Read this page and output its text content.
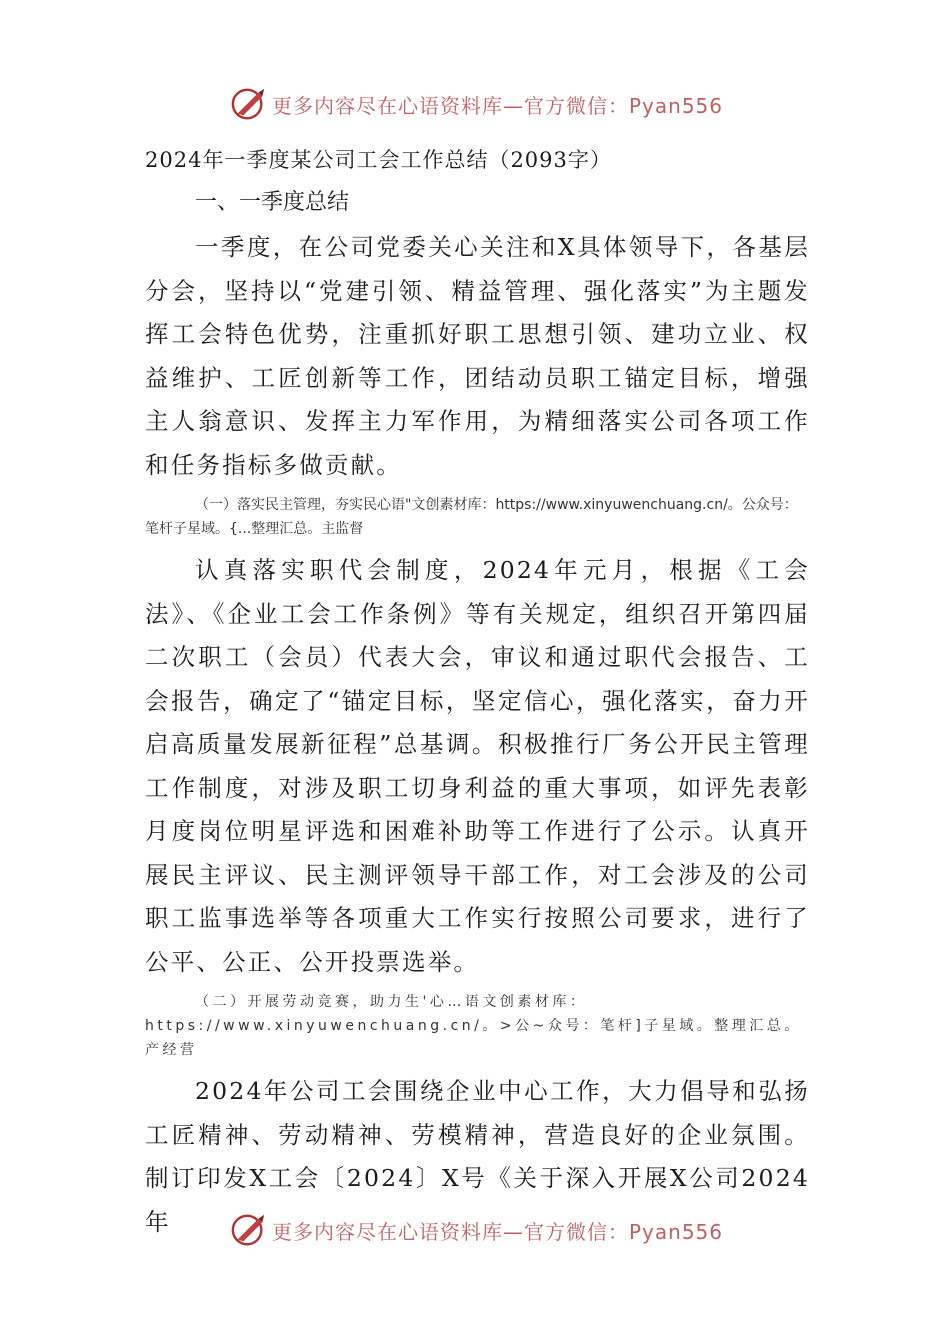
更多内容尽在心语资料库—官方微信：Pyan556

2024年一季度某公司工会工作总结（2093字）

一、一季度总结

一季度，在公司党委关心关注和X具体领导下，各基层分会，坚持以“党建引领、精益管理、强化落实”为主题发挥工会特色优势，注重抓好职工思想引领、建功立业、权益维护、工匠创新等工作，团结动员职工锚定目标，增强主人翁意识、发挥主力军作用，为精细落实公司各项工作和任务指标多做贡献。

（一）落实民主管理，夯实民心语"文创素材库：https://www.xinyuwenchuang.cn/。公众号：笔杆子星域。{...整理汇总。主监督

认真落实职代会制度，2024年元月，根据《工会法》、《企业工会工作条例》等有关规定，组织召开第四届二次职工（会员）代表大会，审议和通过职代会报告、工会报告，确定了“锚定目标，坚定信心，强化落实，奋力开启高质量发展新征程”总基调。积极推行厂务公开民主管理工作制度，对涉及职工切身利益的重大事项，如评先表彰月度岗位明星评选和困难补助等工作进行了公示。认真开展民主评议、民主测评领导干部工作，对工会涉及的公司职工监事选举等各项重大工作实行按照公司要求，进行了公平、公正、公开投票选举。

（二）开展劳动竞赛，助力生'心…语文创素材库：https://www.xinyuwenchuang.cn/。>公~众号：笔杆]子星域。整理汇总。产经营

2024年公司工会围绕企业中心工作，大力倡导和弘扬工匠精神、劳动精神、劳模精神，营造良好的企业氛围。制订印发X工会〔2024〕X号《关于深入开展X公司2024年	更多内容尽在心语资料库—官方微信：Pyan556
